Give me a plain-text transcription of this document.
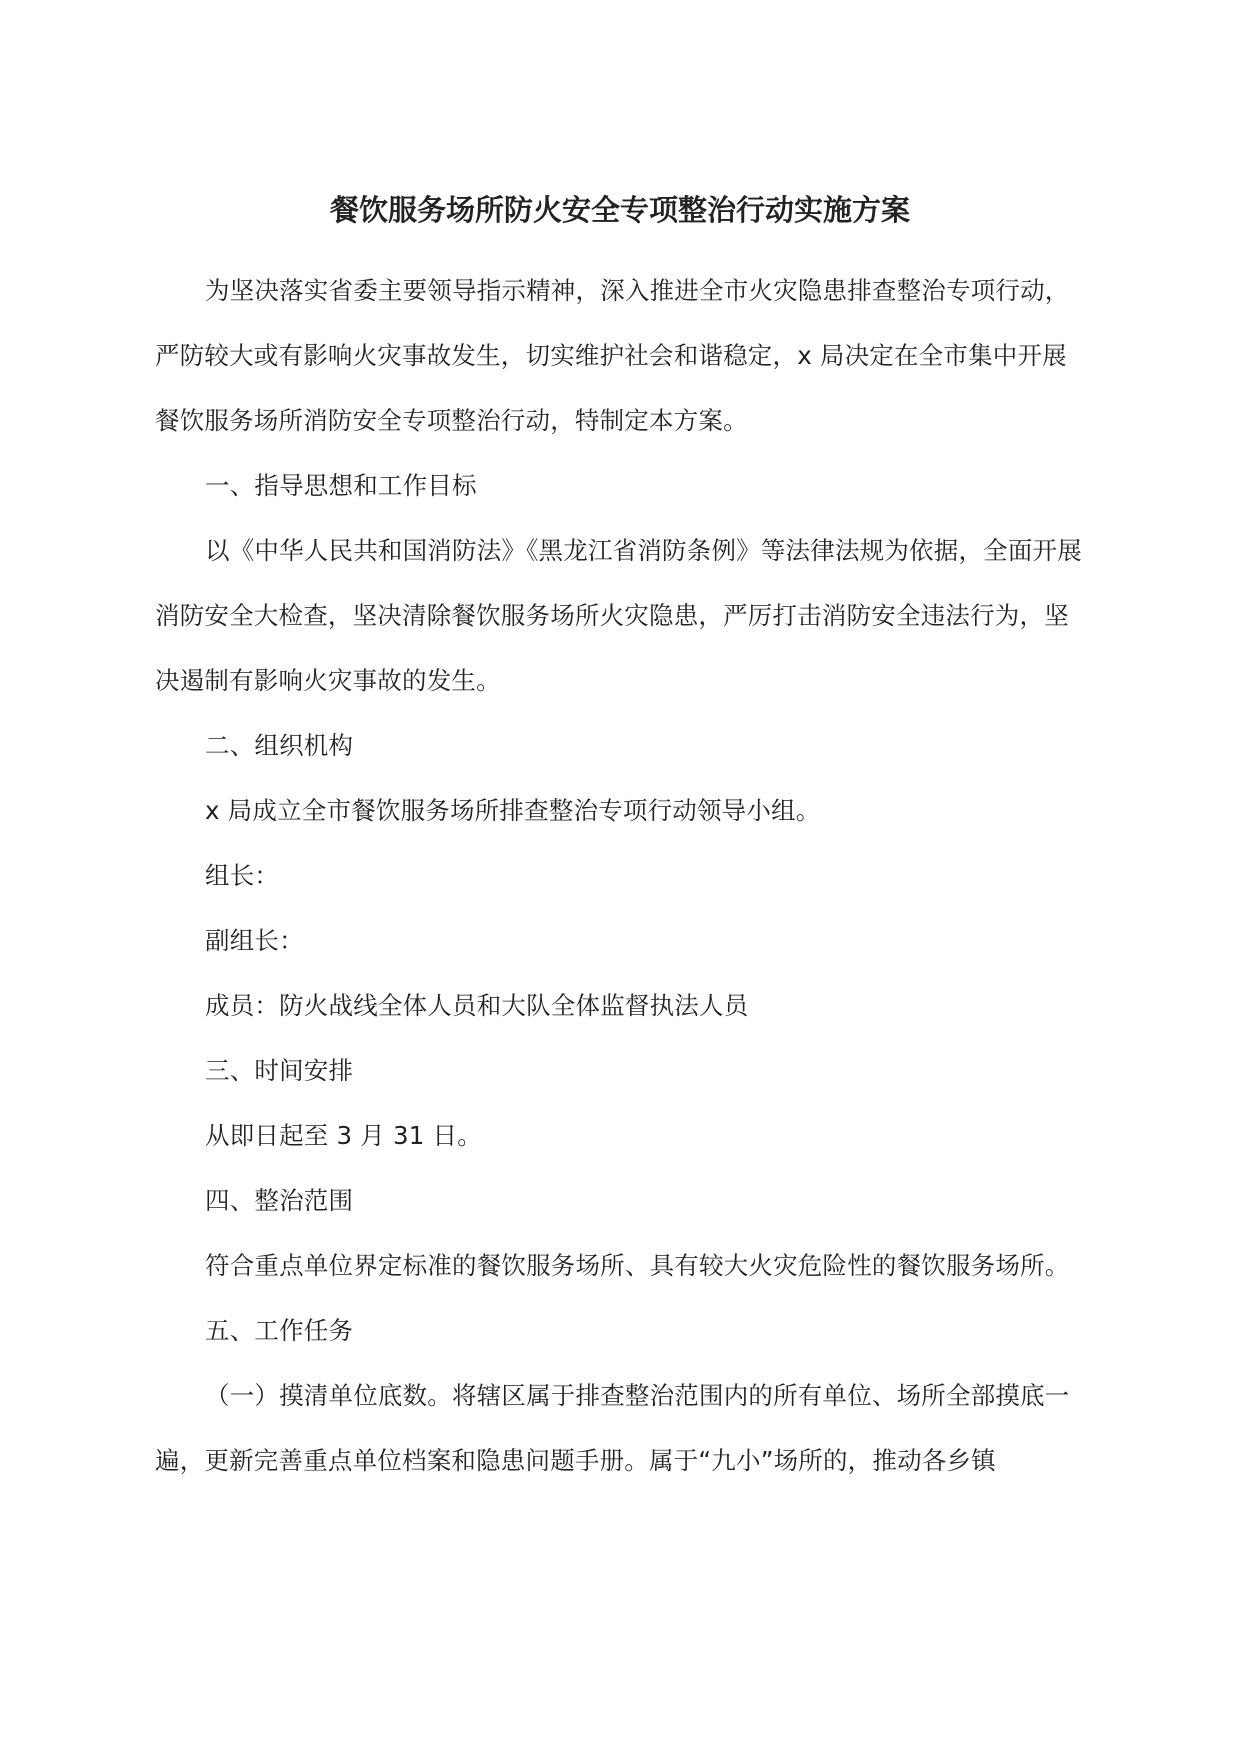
餐饮服务场所防火安全专项整治行动实施方案

为坚决落实省委主要领导指示精神，深入推进全市火灾隐患排查整治专项行动，严防较大或有影响火灾事故发生，切实维护社会和谐稳定，x 局决定在全市集中开展餐饮服务场所消防安全专项整治行动，特制定本方案。

一、指导思想和工作目标

以《中华人民共和国消防法》《黑龙江省消防条例》等法律法规为依据，全面开展消防安全大检查，坚决清除餐饮服务场所火灾隐患，严厉打击消防安全违法行为，坚决遏制有影响火灾事故的发生。

二、组织机构

x 局成立全市餐饮服务场所排查整治专项行动领导小组。

组长：

副组长：

成员：防火战线全体人员和大队全体监督执法人员

三、时间安排

从即日起至 3 月 31 日。

四、整治范围

符合重点单位界定标准的餐饮服务场所、具有较大火灾危险性的餐饮服务场所。

五、工作任务

（一）摸清单位底数。将辖区属于排查整治范围内的所有单位、场所全部摸底一遍，更新完善重点单位档案和隐患问题手册。属于“九小”场所的，推动各乡镇
